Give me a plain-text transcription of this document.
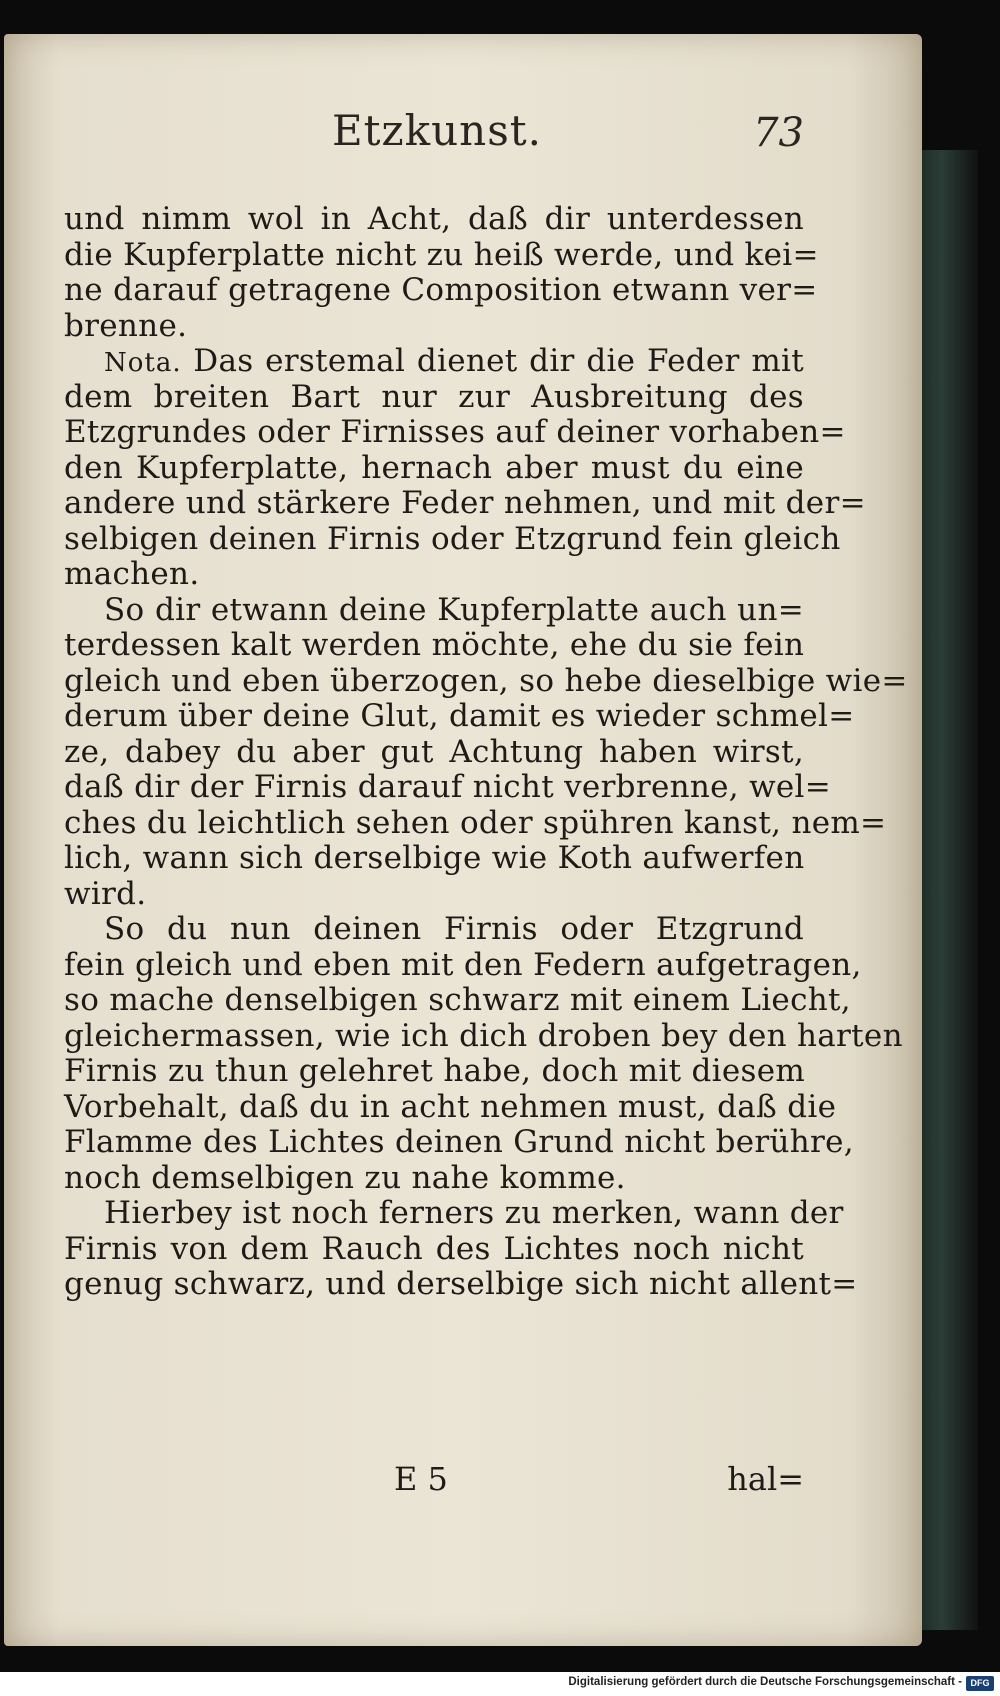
Etzkunst.	73

und nimm wol in Acht, daß dir unterdessen
die Kupferplatte nicht zu heiß werde, und kei=
ne darauf getragene Composition etwann ver=
brenne.

Nota. Das erstemal dienet dir die Feder mit
dem breiten Bart nur zur Ausbreitung des
Etzgrundes oder Firnisses auf deiner vorhaben=
den Kupferplatte, hernach aber must du eine
andere und stärkere Feder nehmen, und mit der=
selbigen deinen Firnis oder Etzgrund fein gleich
machen.

So dir etwann deine Kupferplatte auch un=
terdessen kalt werden möchte, ehe du sie fein
gleich und eben überzogen, so hebe dieselbige wie=
derum über deine Glut, damit es wieder schmel=
ze, dabey du aber gut Achtung haben wirst,
daß dir der Firnis darauf nicht verbrenne, wel=
ches du leichtlich sehen oder spühren kanst, nem=
lich, wann sich derselbige wie Koth aufwerfen
wird.

So du nun deinen Firnis oder Etzgrund
fein gleich und eben mit den Federn aufgetragen,
so mache denselbigen schwarz mit einem Liecht,
gleichermassen, wie ich dich droben bey den harten
Firnis zu thun gelehret habe, doch mit diesem
Vorbehalt, daß du in acht nehmen must, daß die
Flamme des Lichtes deinen Grund nicht berühre,
noch demselbigen zu nahe komme.

Hierbey ist noch ferners zu merken, wann der
Firnis von dem Rauch des Lichtes noch nicht
genug schwarz, und derselbige sich nicht allent=

E 5	hal=
Digitalisierung gefördert durch die Deutsche Forschungsgemeinschaft - DFG
